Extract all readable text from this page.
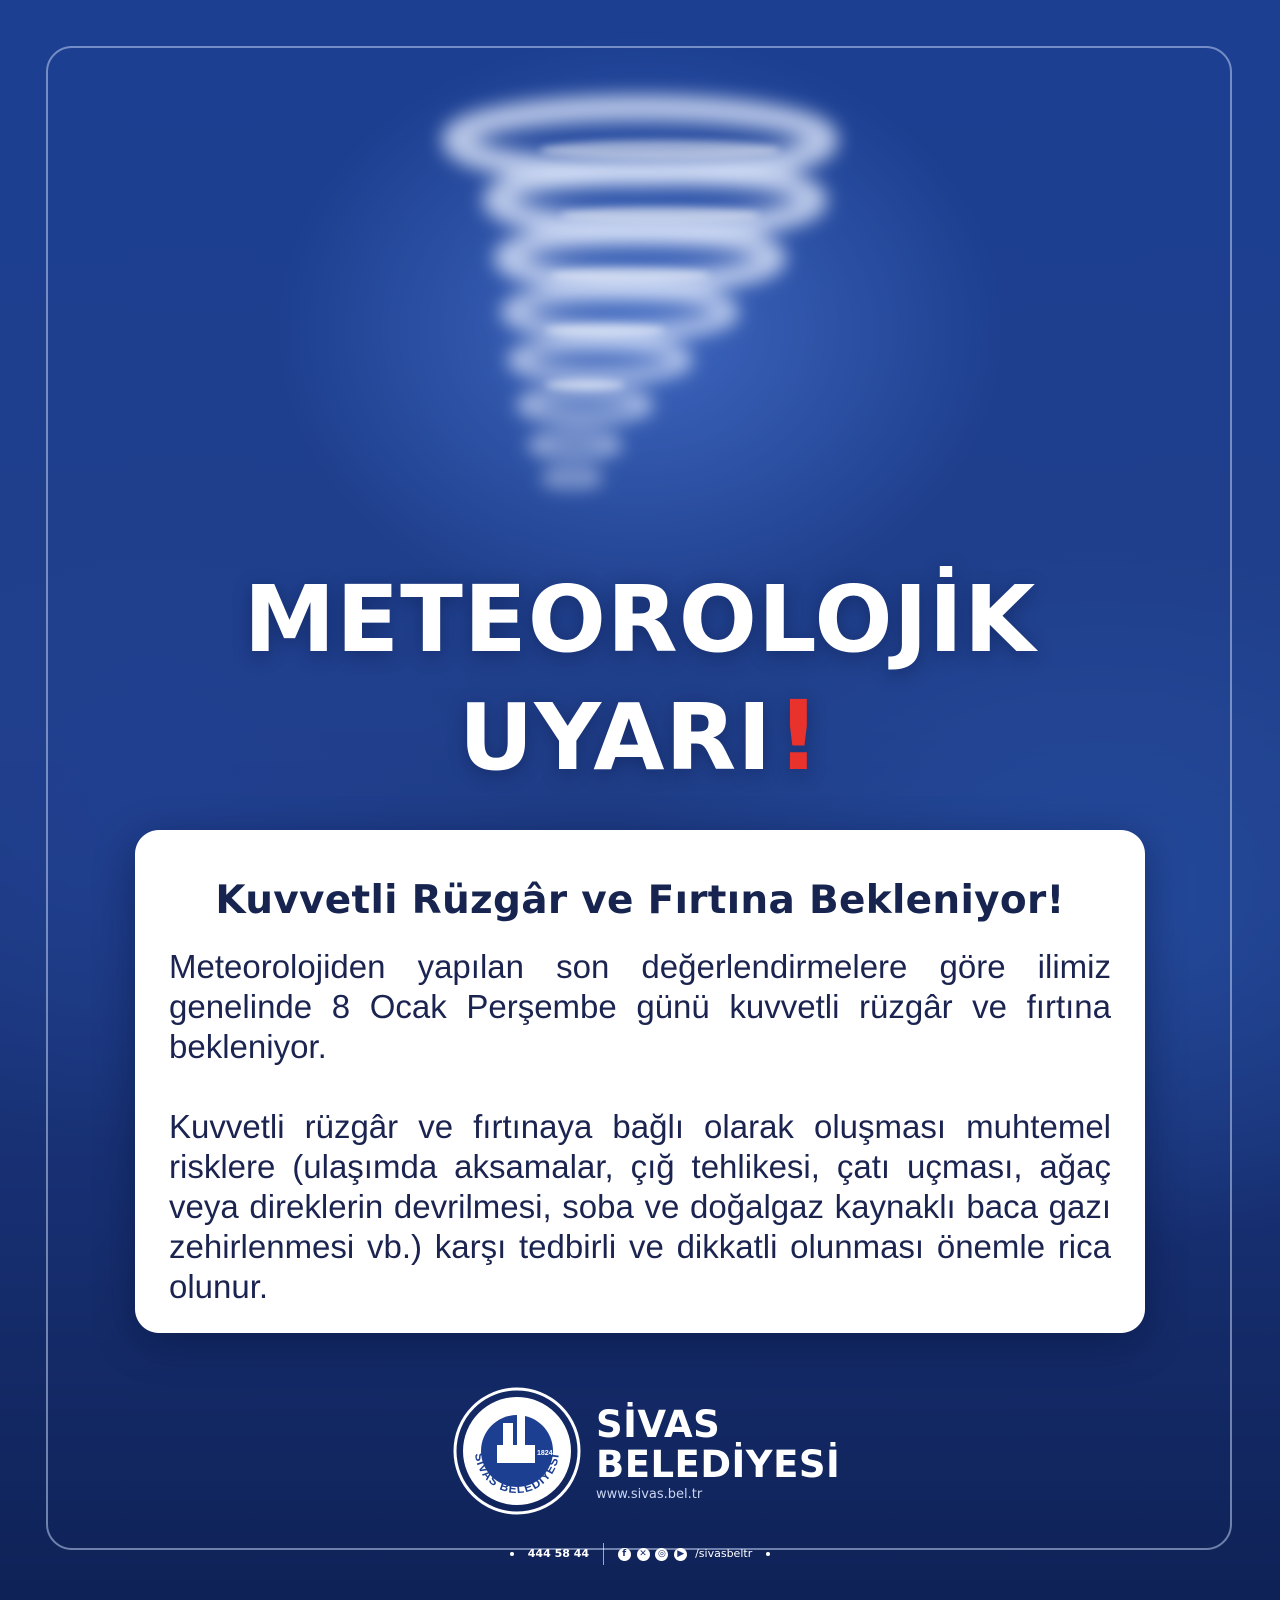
METEOROLOJİK
UYARI!
Kuvvetli Rüzgâr ve Fırtına Bekleniyor!

Meteorolojiden yapılan son değerlendirmelere göre ilimiz genelinde 8 Ocak Perşembe günü kuvvetli rüzgâr ve fırtına bekleniyor.

Kuvvetli rüzgâr ve fırtınaya bağlı olarak oluşması muhtemel risklere (ulaşımda aksamalar, çığ tehlikesi, çatı uçması, ağaç veya direklerin devrilmesi, soba ve doğalgaz kaynaklı baca gazı zehirlenmesi vb.) karşı tedbirli ve dikkatli olunması önemle rica olunur.

SİVAS BELEDİYESİ
1824
SİVAS
BELEDİYESİ
www.sivas.bel.tr
444 58 44	f ✕ ◎ ▶ /sivasbeltr
